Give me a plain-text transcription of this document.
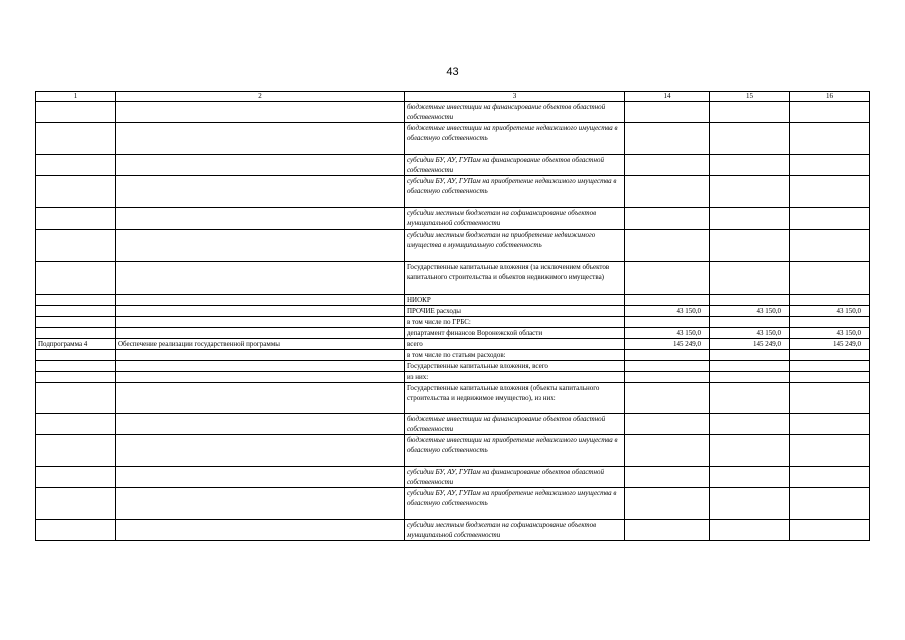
43
1	2	3	14	15	16
		бюджетные инвестиции на финансирование объектов областной собственности			
		бюджетные инвестиции на приобретение недвижимого имущества в областную собственность			
		субсидии БУ, АУ, ГУПам на финансирование объектов областной собственности			
		субсидии БУ, АУ, ГУПам на приобретение недвижимого имущества в областную собственность			
		субсидии местным бюджетам на софинансирование объектов муниципальной собственности			
		субсидии местным бюджетам на приобретение недвижимого имущества в муниципальную собственность			
		Государственные капитальные вложения (за исключением объектов капитального строительства и объектов недвижимого имущества)			
		НИОКР			
		ПРОЧИЕ расходы	43 150,0	43 150,0	43 150,0
		в том числе по ГРБС:			
		департамент финансов Воронежской области	43 150,0	43 150,0	43 150,0
Подпрограмма 4	Обеспечение реализации государственной программы	всего	145 249,0	145 249,0	145 249,0
		в том числе по статьям расходов:			
		Государственные капитальные вложения, всего			
		из них:			
		Государственные капитальные вложения (объекты капитального строительства и недвижимое имущество), из них:			
		бюджетные инвестиции на финансирование объектов областной собственности			
		бюджетные инвестиции на приобретение недвижимого имущества в областную собственность			
		субсидии БУ, АУ, ГУПам на финансирование объектов областной собственности			
		субсидии БУ, АУ, ГУПам на приобретение недвижимого имущества в областную собственность			
		субсидии местным бюджетам на софинансирование объектов муниципальной собственности			
